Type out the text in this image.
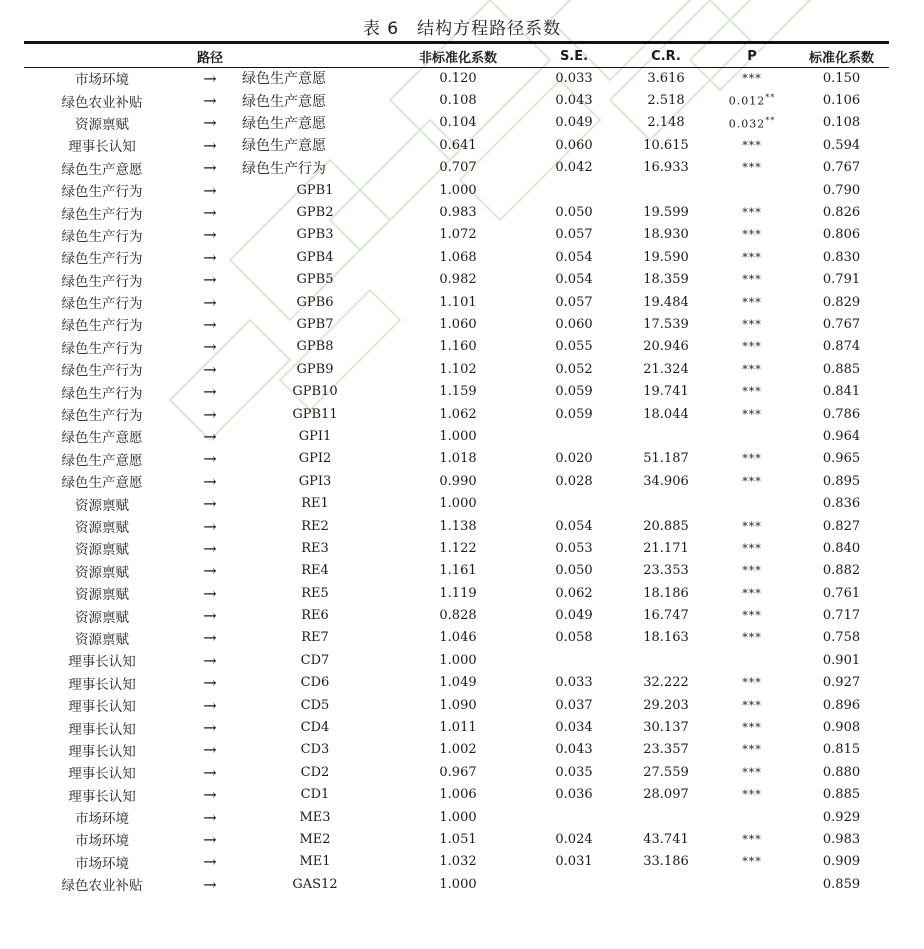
表 6 结构方程路径系数
	路径		非标准化系数	S.E.	C.R.	P	标准化系数
市场环境	→	绿色生产意愿	0.120	0.033	3.616	***	0.150
绿色农业补贴	→	绿色生产意愿	0.108	0.043	2.518	0.012**	0.106
资源禀赋	→	绿色生产意愿	0.104	0.049	2.148	0.032**	0.108
理事长认知	→	绿色生产意愿	0.641	0.060	10.615	***	0.594
绿色生产意愿	→	绿色生产行为	0.707	0.042	16.933	***	0.767
绿色生产行为	→	GPB1	1.000				0.790
绿色生产行为	→	GPB2	0.983	0.050	19.599	***	0.826
绿色生产行为	→	GPB3	1.072	0.057	18.930	***	0.806
绿色生产行为	→	GPB4	1.068	0.054	19.590	***	0.830
绿色生产行为	→	GPB5	0.982	0.054	18.359	***	0.791
绿色生产行为	→	GPB6	1.101	0.057	19.484	***	0.829
绿色生产行为	→	GPB7	1.060	0.060	17.539	***	0.767
绿色生产行为	→	GPB8	1.160	0.055	20.946	***	0.874
绿色生产行为	→	GPB9	1.102	0.052	21.324	***	0.885
绿色生产行为	→	GPB10	1.159	0.059	19.741	***	0.841
绿色生产行为	→	GPB11	1.062	0.059	18.044	***	0.786
绿色生产意愿	→	GPI1	1.000				0.964
绿色生产意愿	→	GPI2	1.018	0.020	51.187	***	0.965
绿色生产意愿	→	GPI3	0.990	0.028	34.906	***	0.895
资源禀赋	→	RE1	1.000				0.836
资源禀赋	→	RE2	1.138	0.054	20.885	***	0.827
资源禀赋	→	RE3	1.122	0.053	21.171	***	0.840
资源禀赋	→	RE4	1.161	0.050	23.353	***	0.882
资源禀赋	→	RE5	1.119	0.062	18.186	***	0.761
资源禀赋	→	RE6	0.828	0.049	16.747	***	0.717
资源禀赋	→	RE7	1.046	0.058	18.163	***	0.758
理事长认知	→	CD7	1.000				0.901
理事长认知	→	CD6	1.049	0.033	32.222	***	0.927
理事长认知	→	CD5	1.090	0.037	29.203	***	0.896
理事长认知	→	CD4	1.011	0.034	30.137	***	0.908
理事长认知	→	CD3	1.002	0.043	23.357	***	0.815
理事长认知	→	CD2	0.967	0.035	27.559	***	0.880
理事长认知	→	CD1	1.006	0.036	28.097	***	0.885
市场环境	→	ME3	1.000				0.929
市场环境	→	ME2	1.051	0.024	43.741	***	0.983
市场环境	→	ME1	1.032	0.031	33.186	***	0.909
绿色农业补贴	→	GAS12	1.000				0.859
